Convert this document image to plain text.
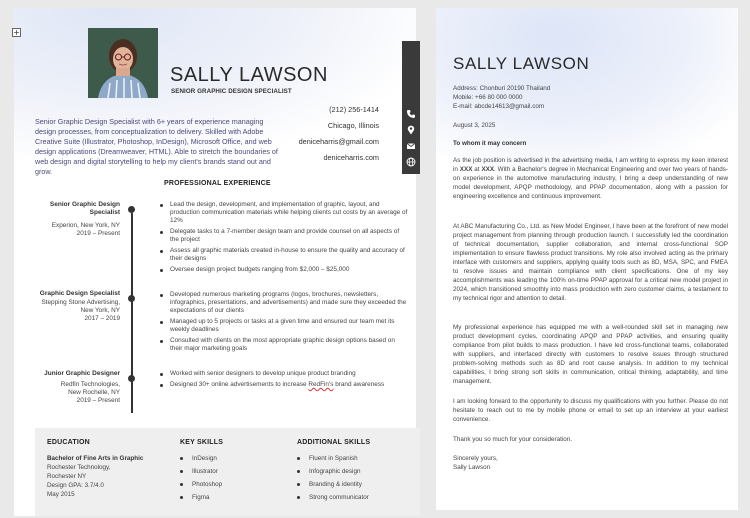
+
SALLY LAWSON
SENIOR GRAPHIC DESIGN SPECIALIST
Senior Graphic Design Specialist with 6+ years of experience managing design processes, from conceptualization to delivery. Skilled with Adobe Creative Suite (Illustrator, Photoshop, InDesign), Microsoft Office, and web design applications (Dreamweaver, HTML). Able to stretch the boundaries of web design and digital storytelling to help my client's brands stand out and grow.
(212) 256-1414
Chicago, Illinois
deniceharris@gmail.com
deniceharris.com
PROFESSIONAL EXPERIENCE
Senior Graphic Design
Specialist
Experion, New York, NY
2019 – Present
Lead the design, development, and implementation of graphic, layout, and production communication materials while helping clients cut costs by an average of 12%
Delegate tasks to a 7-member design team and provide counsel on all aspects of the project
Assess all graphic materials created in-house to ensure the quality and accuracy of their designs
Oversee design project budgets ranging from $2,000 – $25,000
Graphic Design Specialist
Stepping Stone Advertising,
New York, NY
2017 – 2019
Developed numerous marketing programs (logos, brochures, newsletters, infographics, presentations, and advertisements) and made sure they exceeded the expectations of our clients
Managed up to 5 projects or tasks at a given time and ensured our team met its weekly deadlines
Consulted with clients on the most appropriate graphic design options based on their major marketing goals
Junior Graphic Designer
Redfin Technologies,
New Rochelle, NY
2019 – Present
Worked with senior designers to develop unique product branding
Designed 30+ online advertisements to increase RedFin's brand awareness
EDUCATION
Bachelor of Fine Arts in Graphic
Rochester Technology,
Rochester NY
Design GPA: 3.7/4.0
May 2015
KEY SKILLS
InDesign
Illustrator
Photoshop
Figma
ADDITIONAL SKILLS
Fluent in Spanish
Infographic design
Branding & identity
Strong communicator
SALLY LAWSON
Address: Chonburi 20190 Thailand
Mobile: +66 80 000 0000
E-mail: abcde14613@gmail.com
August 3, 2025
To whom it may concern
As the job position is advertised in the advertising media, I am writing to express my keen interest in XXX at XXX. With a Bachelor's degree in Mechanical Engineering and over two years of hands-on experience in the automotive manufacturing industry, I bring a deep understanding of new model development, APQP methodology, and PPAP documentation, along with a passion for engineering excellence and continuous improvement.
At ABC Manufacturing Co., Ltd. as New Model Engineer, I have been at the forefront of new model project management from planning through production launch. I successfully led the coordination of technical documentation, supplier collaboration, and internal cross-functional SOP implementation to ensure flawless product transitions. My role also involved acting as the primary interface with customers and suppliers, applying quality tools such as 8D, MSA, SPC, and FMEA to resolve issues and maintain compliance with client specifications. One of my key accomplishments was leading the 100% on-time PPAP approval for a critical new model project in 2024, which transitioned smoothly into mass production with zero customer claims, a testament to my technical rigor and attention to detail.
My professional experience has equipped me with a well-rounded skill set in managing new product development cycles, coordinating APQP and PPAP activities, and ensuring quality compliance from pilot builds to mass production. I have led cross-functional teams, collaborated with suppliers, and interfaced directly with customers to resolve issues through structured problem-solving methods such as 8D and root cause analysis. In addition to my technical capabilities, I bring strong soft skills in communication, critical thinking, adaptability, and time management.
I am looking forward to the opportunity to discuss my qualifications with you further. Please do not hesitate to reach out to me by mobile phone or email to set up an interview at your earliest convenience.
Thank you so much for your consideration.
Sincerely yours,
Sally Lawson
